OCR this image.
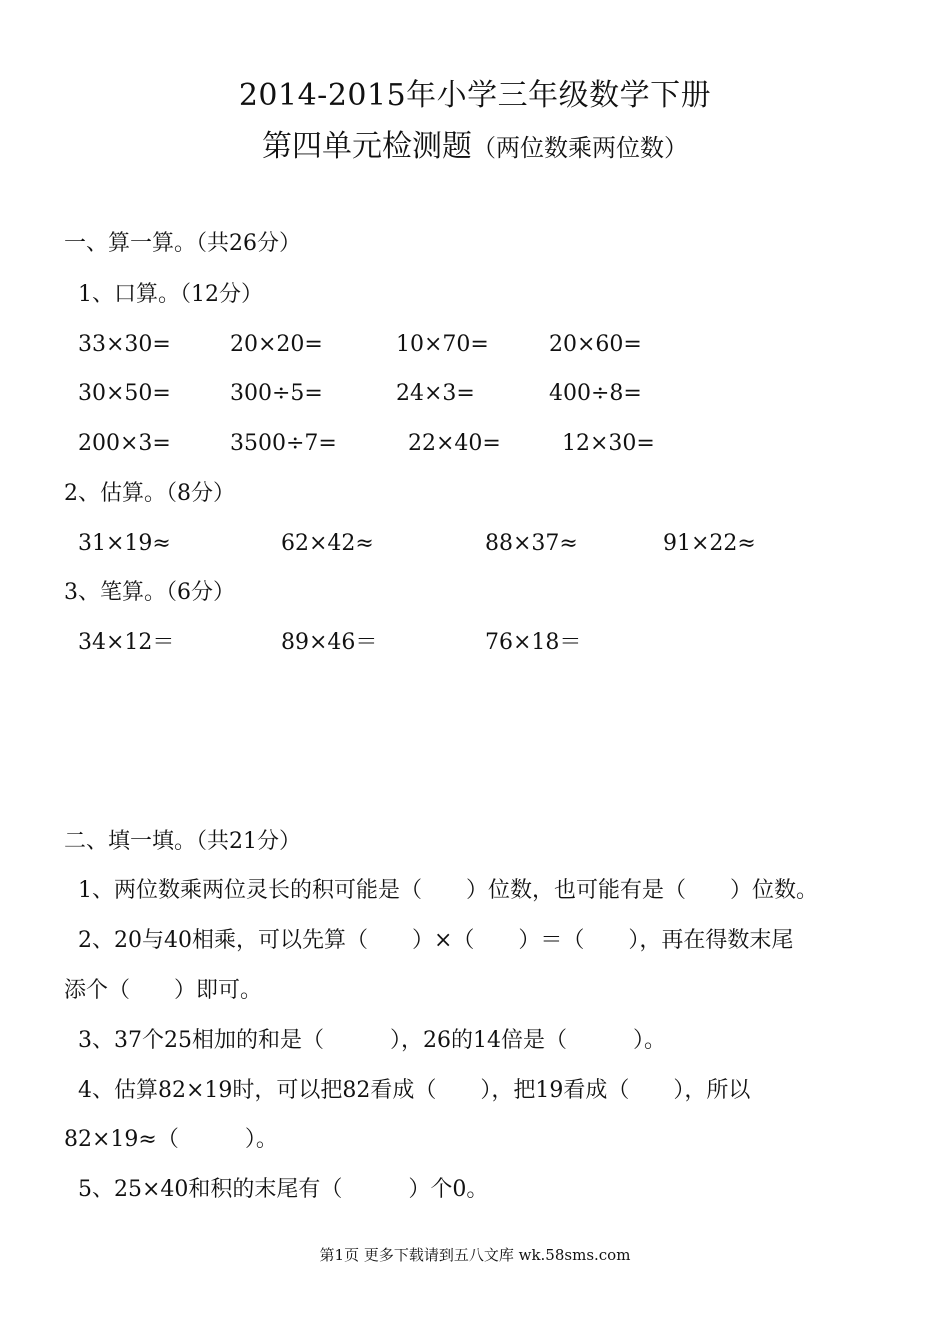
2014-2015年小学三年级数学下册
第四单元检测题（两位数乘两位数）
一、算一算。（共26分）
1、口算。（12分）
33×30=	20×20=	10×70=	20×60=
30×50=	300÷5=	24×3=	400÷8=
200×3=	3500÷7=	22×40=	12×30=
2、估算。（8分）
31×19≈	62×42≈	88×37≈	91×22≈
3、笔算。（6分）
34×12＝	89×46＝	76×18＝
二、填一填。（共21分）
1、两位数乘两位灵长的积可能是（　　）位数，也可能有是（　　）位数。
2、20与40相乘，可以先算（　　）×（　　）＝（　　），再在得数末尾
添个（　　）即可。
3、37个25相加的和是（　　　），26的14倍是（　　　）。
4、估算82×19时，可以把82看成（　　），把19看成（　　），所以
82×19≈（　　　）。
5、25×40和积的末尾有（　　　）个0。
第1页 更多下载请到五八文库 wk.58sms.com
